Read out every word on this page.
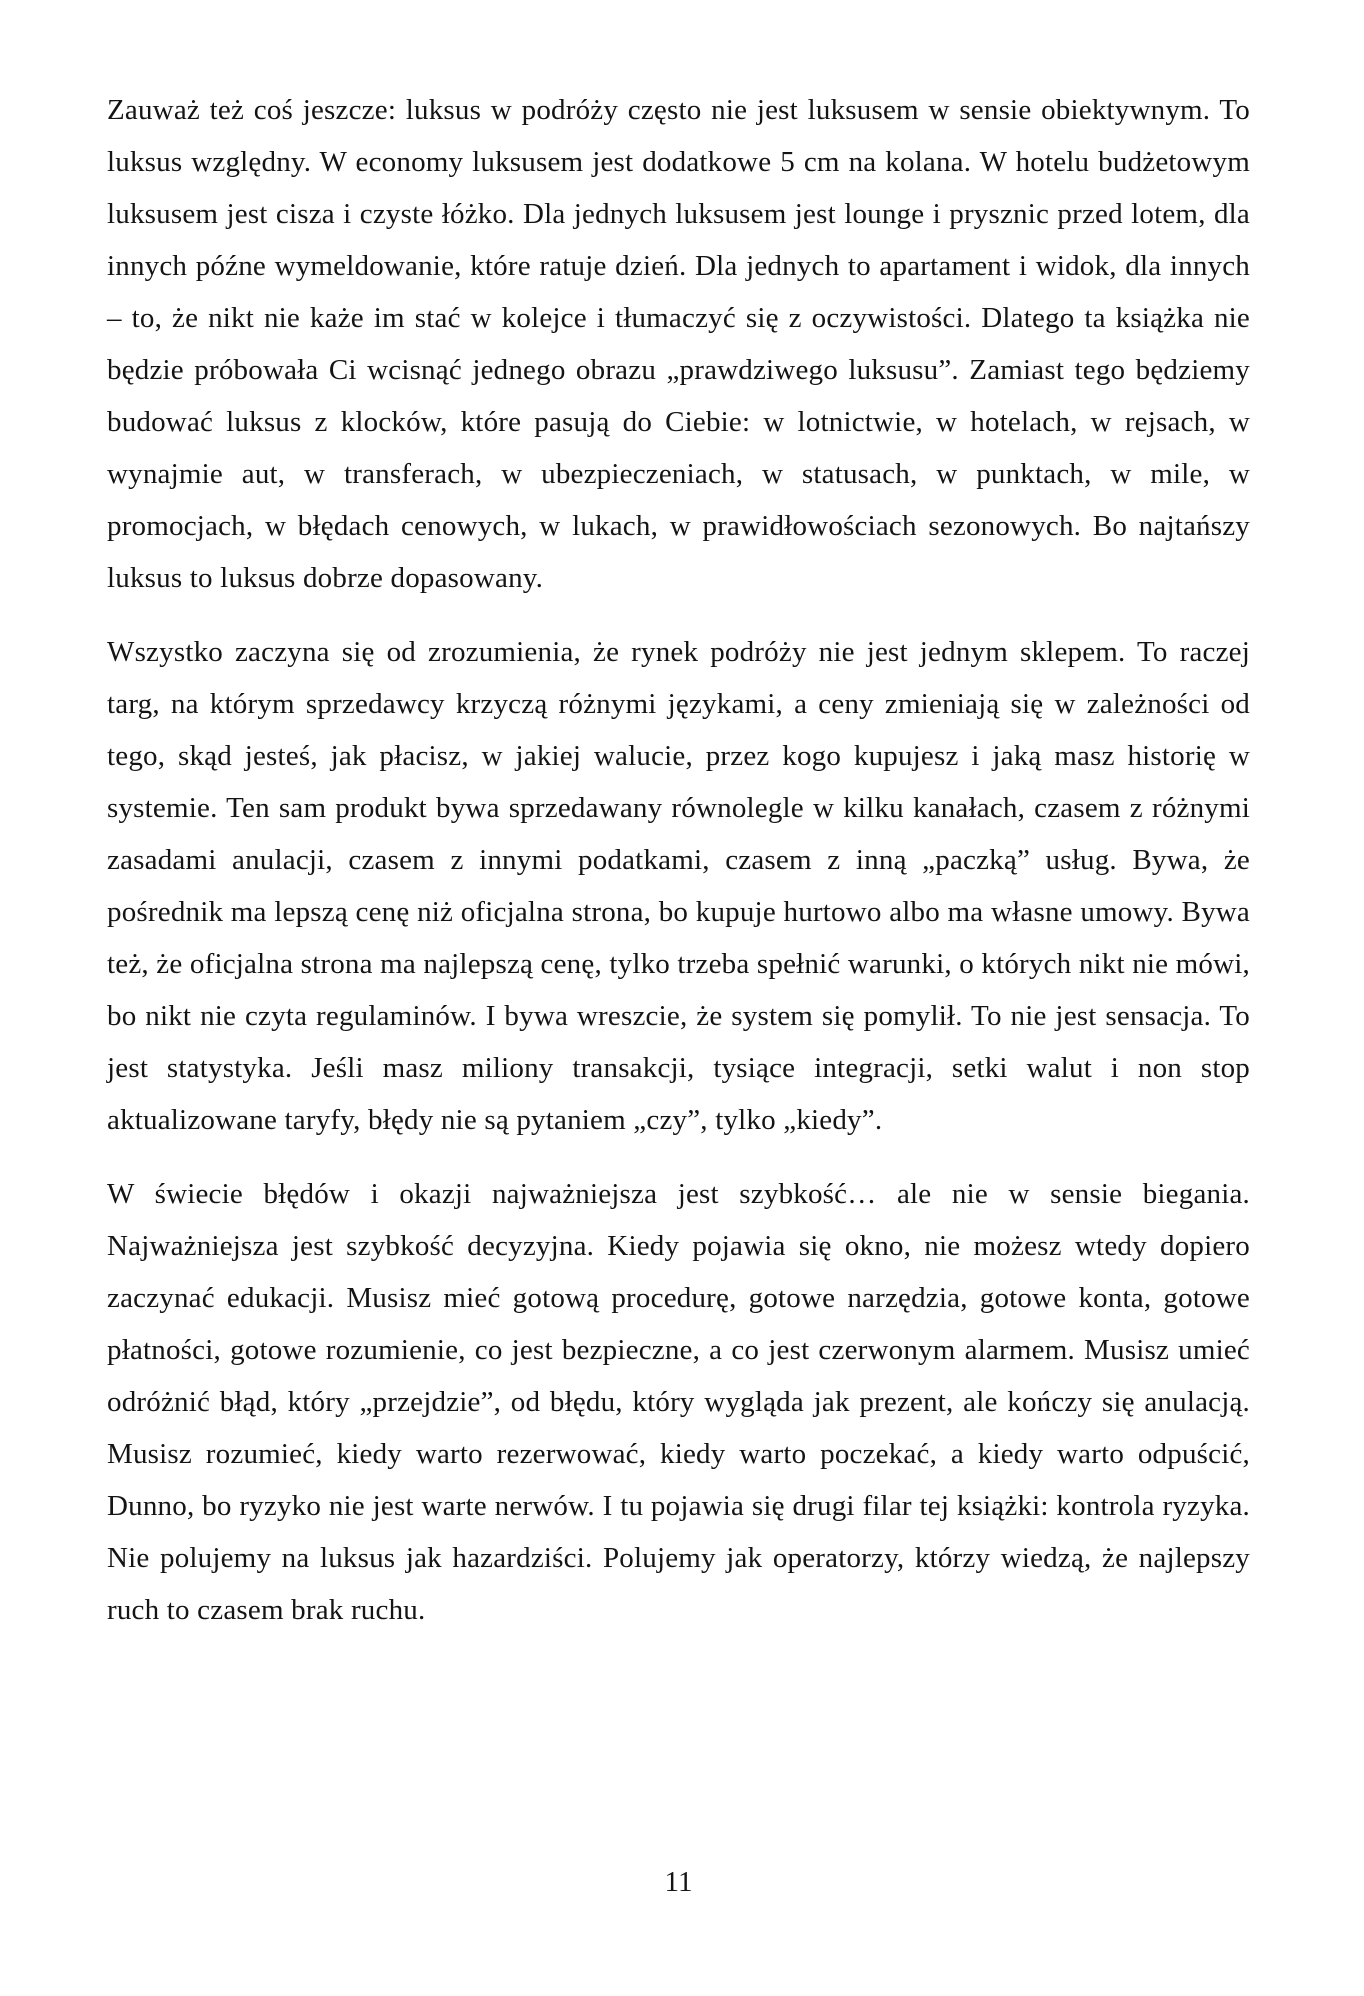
Zauważ też coś jeszcze: luksus w podróży często nie jest luksusem w sensie obiektywnym. To luksus względny. W economy luksusem jest dodatkowe 5 cm na kolana. W hotelu budżetowym luksusem jest cisza i czyste łóżko. Dla jednych luksusem jest lounge i prysznic przed lotem, dla innych późne wymeldowanie, które ratuje dzień. Dla jednych to apartament i widok, dla innych – to, że nikt nie każe im stać w kolejce i tłumaczyć się z oczywistości. Dlatego ta książka nie będzie próbowała Ci wcisnąć jednego obrazu „prawdziwego luksusu”. Zamiast tego będziemy budować luksus z klocków, które pasują do Ciebie: w lotnictwie, w hotelach, w rejsach, w wynajmie aut, w transferach, w ubezpieczeniach, w statusach, w punktach, w mile, w promocjach, w błędach cenowych, w lukach, w prawidłowościach sezonowych. Bo najtańszy luksus to luksus dobrze dopasowany.

Wszystko zaczyna się od zrozumienia, że rynek podróży nie jest jednym sklepem. To raczej targ, na którym sprzedawcy krzyczą różnymi językami, a ceny zmieniają się w zależności od tego, skąd jesteś, jak płacisz, w jakiej walucie, przez kogo kupujesz i jaką masz historię w systemie. Ten sam produkt bywa sprzedawany równolegle w kilku kanałach, czasem z różnymi zasadami anulacji, czasem z innymi podatkami, czasem z inną „paczką” usług. Bywa, że pośrednik ma lepszą cenę niż oficjalna strona, bo kupuje hurtowo albo ma własne umowy. Bywa też, że oficjalna strona ma najlepszą cenę, tylko trzeba spełnić warunki, o których nikt nie mówi, bo nikt nie czyta regulaminów. I bywa wreszcie, że system się pomylił. To nie jest sensacja. To jest statystyka. Jeśli masz miliony transakcji, tysiące integracji, setki walut i non stop aktualizowane taryfy, błędy nie są pytaniem „czy”, tylko „kiedy”.

W świecie błędów i okazji najważniejsza jest szybkość… ale nie w sensie biegania. Najważniejsza jest szybkość decyzyjna. Kiedy pojawia się okno, nie możesz wtedy dopiero zaczynać edukacji. Musisz mieć gotową procedurę, gotowe narzędzia, gotowe konta, gotowe płatności, gotowe rozumienie, co jest bezpieczne, a co jest czerwonym alarmem. Musisz umieć odróżnić błąd, który „przejdzie”, od błędu, który wygląda jak prezent, ale kończy się anulacją. Musisz rozumieć, kiedy warto rezerwować, kiedy warto poczekać, a kiedy warto odpuścić, Dunno, bo ryzyko nie jest warte nerwów. I tu pojawia się drugi filar tej książki: kontrola ryzyka. Nie polujemy na luksus jak hazardziści. Polujemy jak operatorzy, którzy wiedzą, że najlepszy ruch to czasem brak ruchu.

11
